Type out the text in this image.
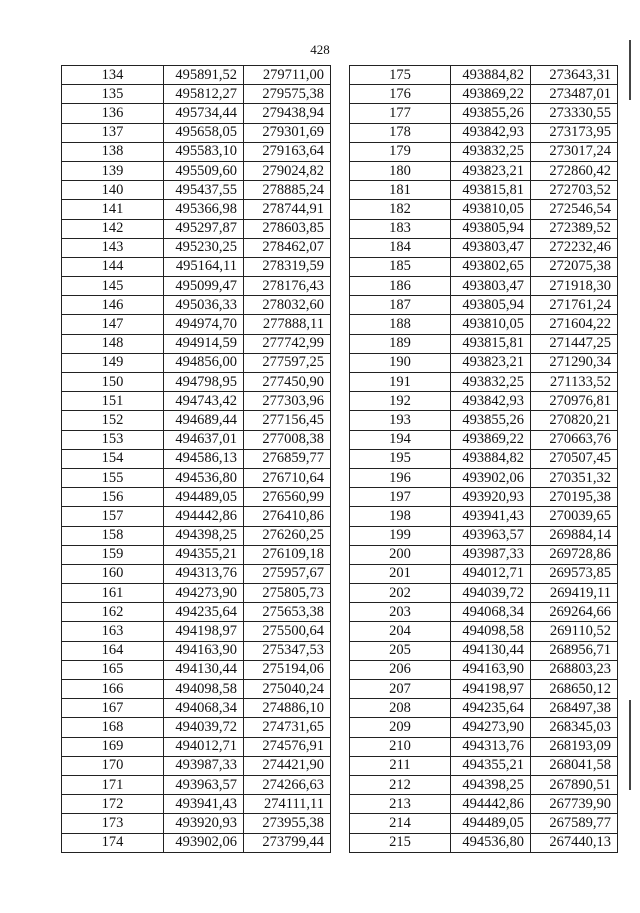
428
134	495891,52	279711,00
135	495812,27	279575,38
136	495734,44	279438,94
137	495658,05	279301,69
138	495583,10	279163,64
139	495509,60	279024,82
140	495437,55	278885,24
141	495366,98	278744,91
142	495297,87	278603,85
143	495230,25	278462,07
144	495164,11	278319,59
145	495099,47	278176,43
146	495036,33	278032,60
147	494974,70	277888,11
148	494914,59	277742,99
149	494856,00	277597,25
150	494798,95	277450,90
151	494743,42	277303,96
152	494689,44	277156,45
153	494637,01	277008,38
154	494586,13	276859,77
155	494536,80	276710,64
156	494489,05	276560,99
157	494442,86	276410,86
158	494398,25	276260,25
159	494355,21	276109,18
160	494313,76	275957,67
161	494273,90	275805,73
162	494235,64	275653,38
163	494198,97	275500,64
164	494163,90	275347,53
165	494130,44	275194,06
166	494098,58	275040,24
167	494068,34	274886,10
168	494039,72	274731,65
169	494012,71	274576,91
170	493987,33	274421,90
171	493963,57	274266,63
172	493941,43	274111,11
173	493920,93	273955,38
174	493902,06	273799,44
175	493884,82	273643,31
176	493869,22	273487,01
177	493855,26	273330,55
178	493842,93	273173,95
179	493832,25	273017,24
180	493823,21	272860,42
181	493815,81	272703,52
182	493810,05	272546,54
183	493805,94	272389,52
184	493803,47	272232,46
185	493802,65	272075,38
186	493803,47	271918,30
187	493805,94	271761,24
188	493810,05	271604,22
189	493815,81	271447,25
190	493823,21	271290,34
191	493832,25	271133,52
192	493842,93	270976,81
193	493855,26	270820,21
194	493869,22	270663,76
195	493884,82	270507,45
196	493902,06	270351,32
197	493920,93	270195,38
198	493941,43	270039,65
199	493963,57	269884,14
200	493987,33	269728,86
201	494012,71	269573,85
202	494039,72	269419,11
203	494068,34	269264,66
204	494098,58	269110,52
205	494130,44	268956,71
206	494163,90	268803,23
207	494198,97	268650,12
208	494235,64	268497,38
209	494273,90	268345,03
210	494313,76	268193,09
211	494355,21	268041,58
212	494398,25	267890,51
213	494442,86	267739,90
214	494489,05	267589,77
215	494536,80	267440,13
